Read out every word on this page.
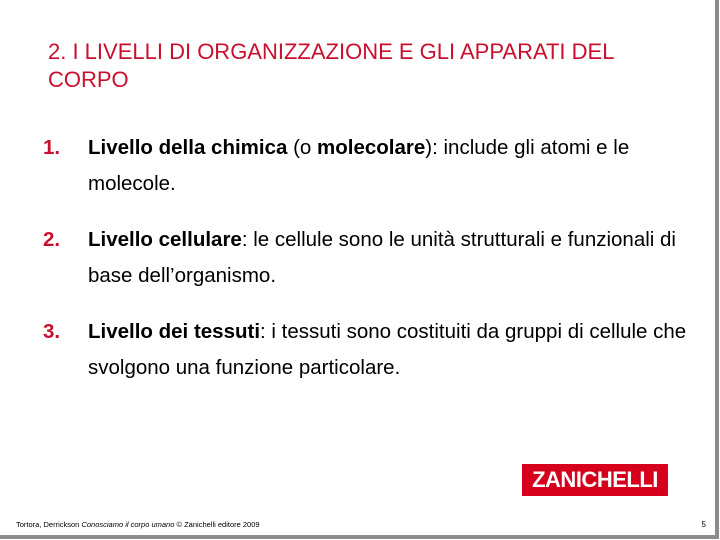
2. I LIVELLI DI ORGANIZZAZIONE E GLI APPARATI DEL CORPO
1. Livello della chimica (o molecolare): include gli atomi e le molecole.
2. Livello cellulare: le cellule sono le unità strutturali e funzionali di base dell’organismo.
3. Livello dei tessuti: i tessuti sono costituiti da gruppi di cellule che svolgono una funzione particolare.
ZANICHELLI
Tortora, Derrickson Conosciamo il corpo umano © Zanichelli editore 2009	5
